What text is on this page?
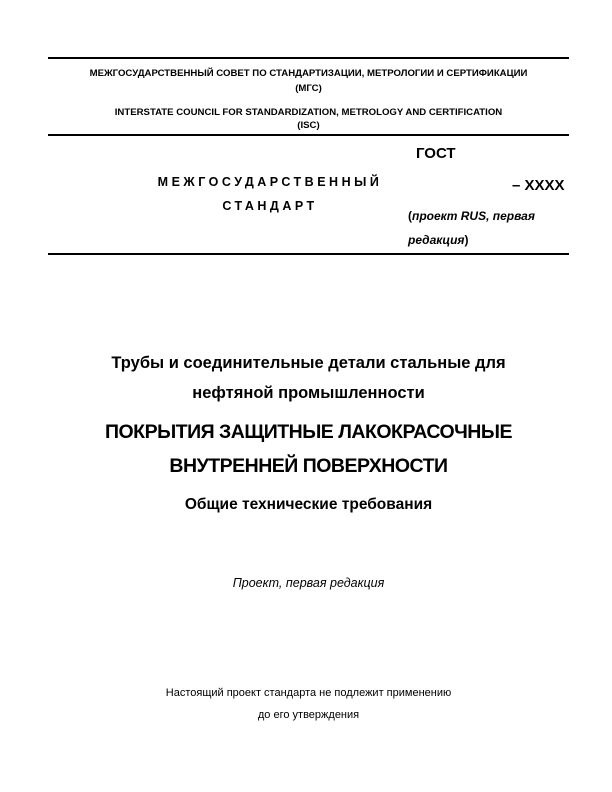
МЕЖГОСУДАРСТВЕННЫЙ СОВЕТ ПО СТАНДАРТИЗАЦИИ, МЕТРОЛОГИИ И СЕРТИФИКАЦИИ
(МГС)
INTERSTATE COUNCIL FOR STANDARDIZATION, METROLOGY AND CERTIFICATION
(ISC)
МЕЖГОСУДАРСТВЕННЫЙ
СТАНДАРТ
ГОСТ
– XXXX
(проект RUS, первая редакция)
Трубы и соединительные детали стальные для
нефтяной промышленности
ПОКРЫТИЯ ЗАЩИТНЫЕ ЛАКОКРАСОЧНЫЕ
ВНУТРЕННЕЙ ПОВЕРХНОСТИ
Общие технические требования
Проект, первая редакция
Настоящий проект стандарта не подлежит применению
до его утверждения
